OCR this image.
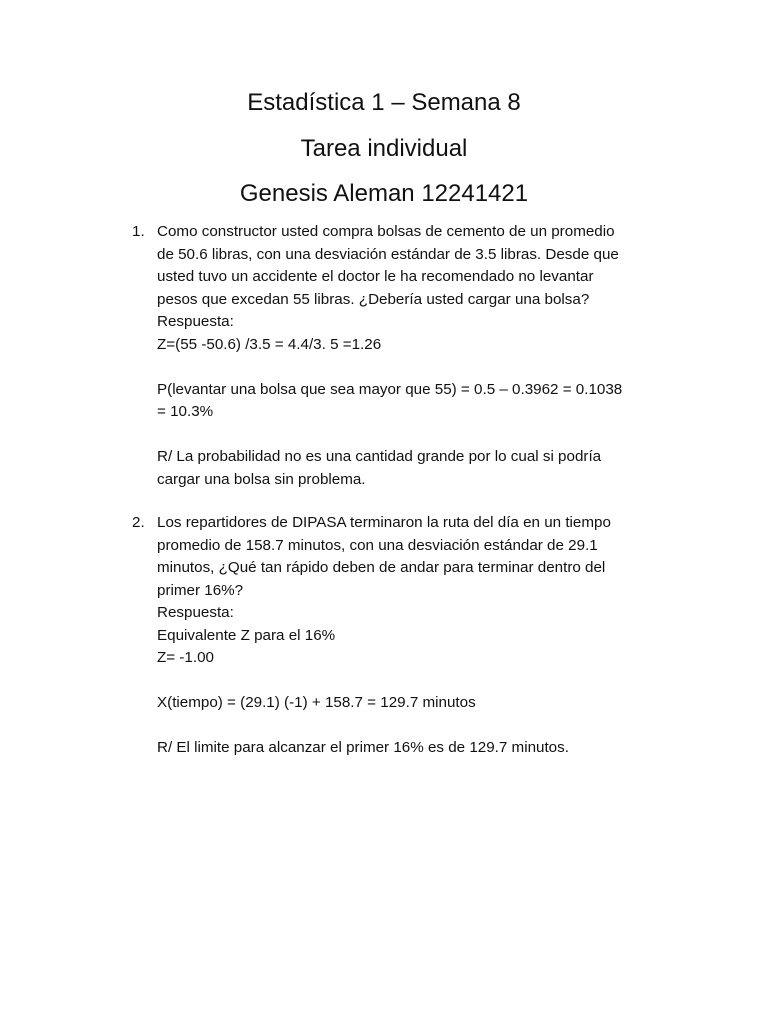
Estadística 1 – Semana 8
Tarea individual
Genesis Aleman 12241421
1. Como constructor usted compra bolsas de cemento de un promedio
de 50.6 libras, con una desviación estándar de 3.5 libras. Desde que
usted tuvo un accidente el doctor le ha recomendado no levantar
pesos que excedan 55 libras. ¿Debería usted cargar una bolsa?
Respuesta:
Z=(55 -50.6) /3.5 = 4.4/3. 5 =1.26
P(levantar una bolsa que sea mayor que 55) = 0.5 – 0.3962 = 0.1038
= 10.3%
R/ La probabilidad no es una cantidad grande por lo cual si podría
cargar una bolsa sin problema.
2. Los repartidores de DIPASA terminaron la ruta del día en un tiempo
promedio de 158.7 minutos, con una desviación estándar de 29.1
minutos, ¿Qué tan rápido deben de andar para terminar dentro del
primer 16%?
Respuesta:
Equivalente Z para el 16%
Z= -1.00
X(tiempo) = (29.1) (-1) + 158.7 = 129.7 minutos
R/ El limite para alcanzar el primer 16% es de 129.7 minutos.
